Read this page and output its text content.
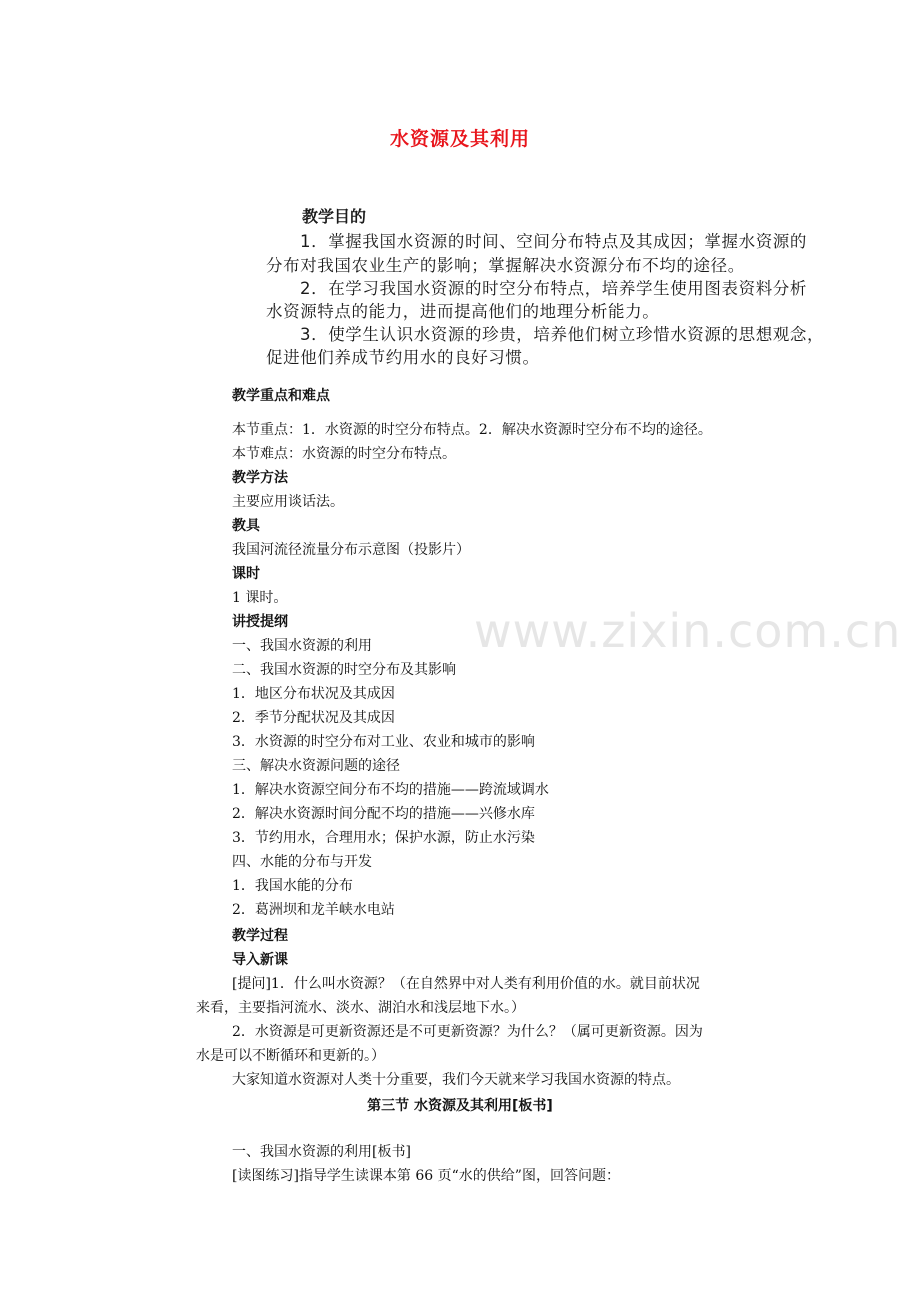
水资源及其利用
教学目的
1．掌握我国水资源的时间、空间分布特点及其成因；掌握水资源的
分布对我国农业生产的影响；掌握解决水资源分布不均的途径。
2．在学习我国水资源的时空分布特点，培养学生使用图表资料分析
水资源特点的能力，进而提高他们的地理分析能力。
3．使学生认识水资源的珍贵，培养他们树立珍惜水资源的思想观念，
促进他们养成节约用水的良好习惯。
教学重点和难点
本节重点：1．水资源的时空分布特点。2．解决水资源时空分布不均的途径。
本节难点：水资源的时空分布特点。
教学方法
主要应用谈话法。
教具
我国河流径流量分布示意图（投影片）
课时
1 课时。
www.zixin.com.cn
讲授提纲
一、我国水资源的利用
二、我国水资源的时空分布及其影响
1．地区分布状况及其成因
2．季节分配状况及其成因
3．水资源的时空分布对工业、农业和城市的影响
三、解决水资源问题的途径
1．解决水资源空间分布不均的措施——跨流域调水
2．解决水资源时间分配不均的措施——兴修水库
3．节约用水，合理用水；保护水源，防止水污染
四、水能的分布与开发
1．我国水能的分布
2．葛洲坝和龙羊峡水电站
教学过程
导入新课
[提问]1．什么叫水资源？（在自然界中对人类有利用价值的水。就目前状况
来看，主要指河流水、淡水、湖泊水和浅层地下水。）
2．水资源是可更新资源还是不可更新资源？为什么？（属可更新资源。因为
水是可以不断循环和更新的。）
大家知道水资源对人类十分重要，我们今天就来学习我国水资源的特点。
第三节 水资源及其利用[板书]
一、我国水资源的利用[板书]
[读图练习]指导学生读课本第 66 页“水的供给”图，回答问题：
